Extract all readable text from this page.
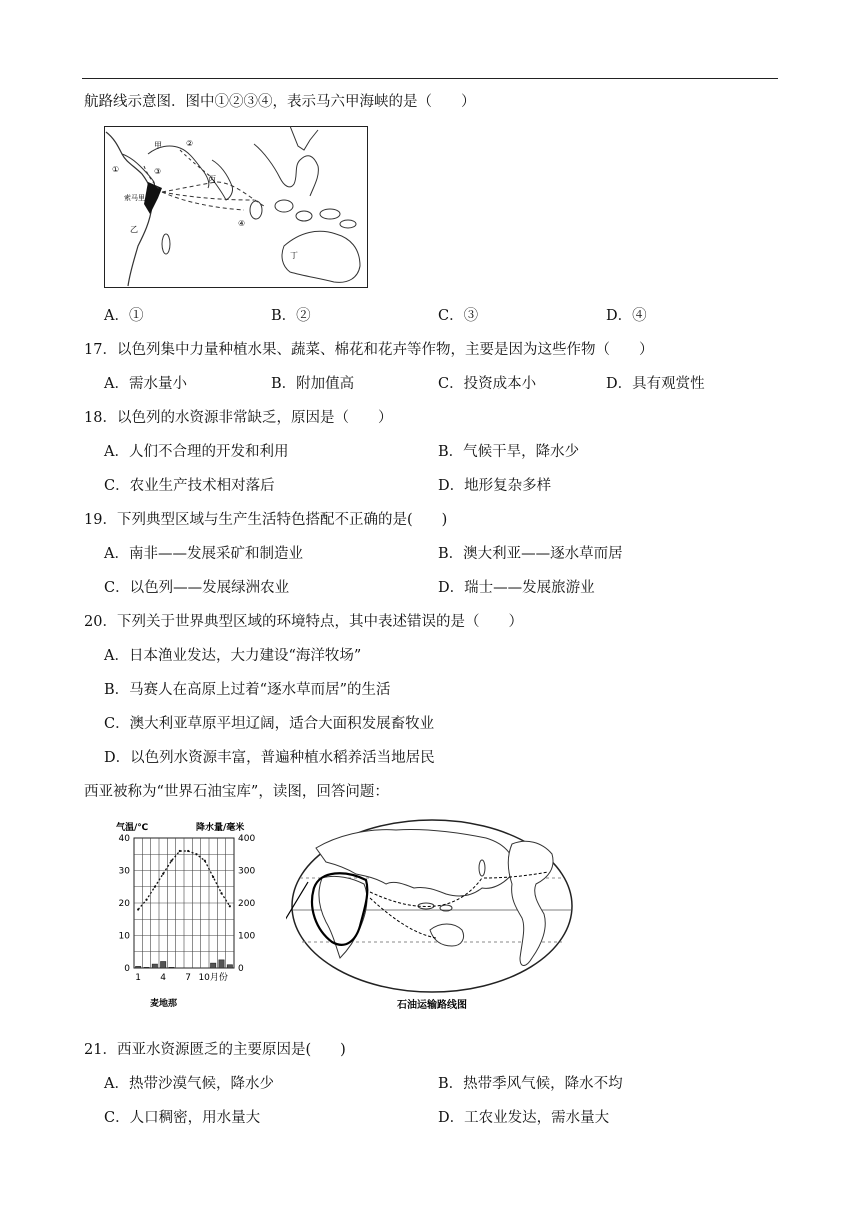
航路线示意图．图中①②③④，表示马六甲海峡的是（　　）
甲
乙
丙
丁
索马里
①
②
③
④
A．①	B．②	C．③	D．④
17．以色列集中力量种植水果、蔬菜、棉花和花卉等作物，主要是因为这些作物（　　）
A．需水量小	B．附加值高	C．投资成本小	D．具有观赏性
18．以色列的水资源非常缺乏，原因是（　　）
A．人们不合理的开发和利用	B．气候干旱，降水少
C．农业生产技术相对落后	D．地形复杂多样
19．下列典型区域与生产生活特色搭配不正确的是(　　)
A．南非——发展采矿和制造业	B．澳大利亚——逐水草而居
C．以色列——发展绿洲农业	D．瑞士——发展旅游业
20．下列关于世界典型区域的环境特点，其中表述错误的是（　　）
A．日本渔业发达，大力建设“海洋牧场”
B．马赛人在高原上过着“逐水草而居”的生活
C．澳大利亚草原平坦辽阔，适合大面积发展畜牧业
D．以色列水资源丰富，普遍种植水稻养活当地居民
西亚被称为“世界石油宝库”，读图，回答问题：
气温/℃	降水量/毫米
0
10
20
30
40
0
100
200
300
400
1 4 7 10月份
麦地那	石油运输路线图
21．西亚水资源匮乏的主要原因是(　　)
A．热带沙漠气候，降水少	B．热带季风气候，降水不均
C．人口稠密，用水量大	D．工农业发达，需水量大
